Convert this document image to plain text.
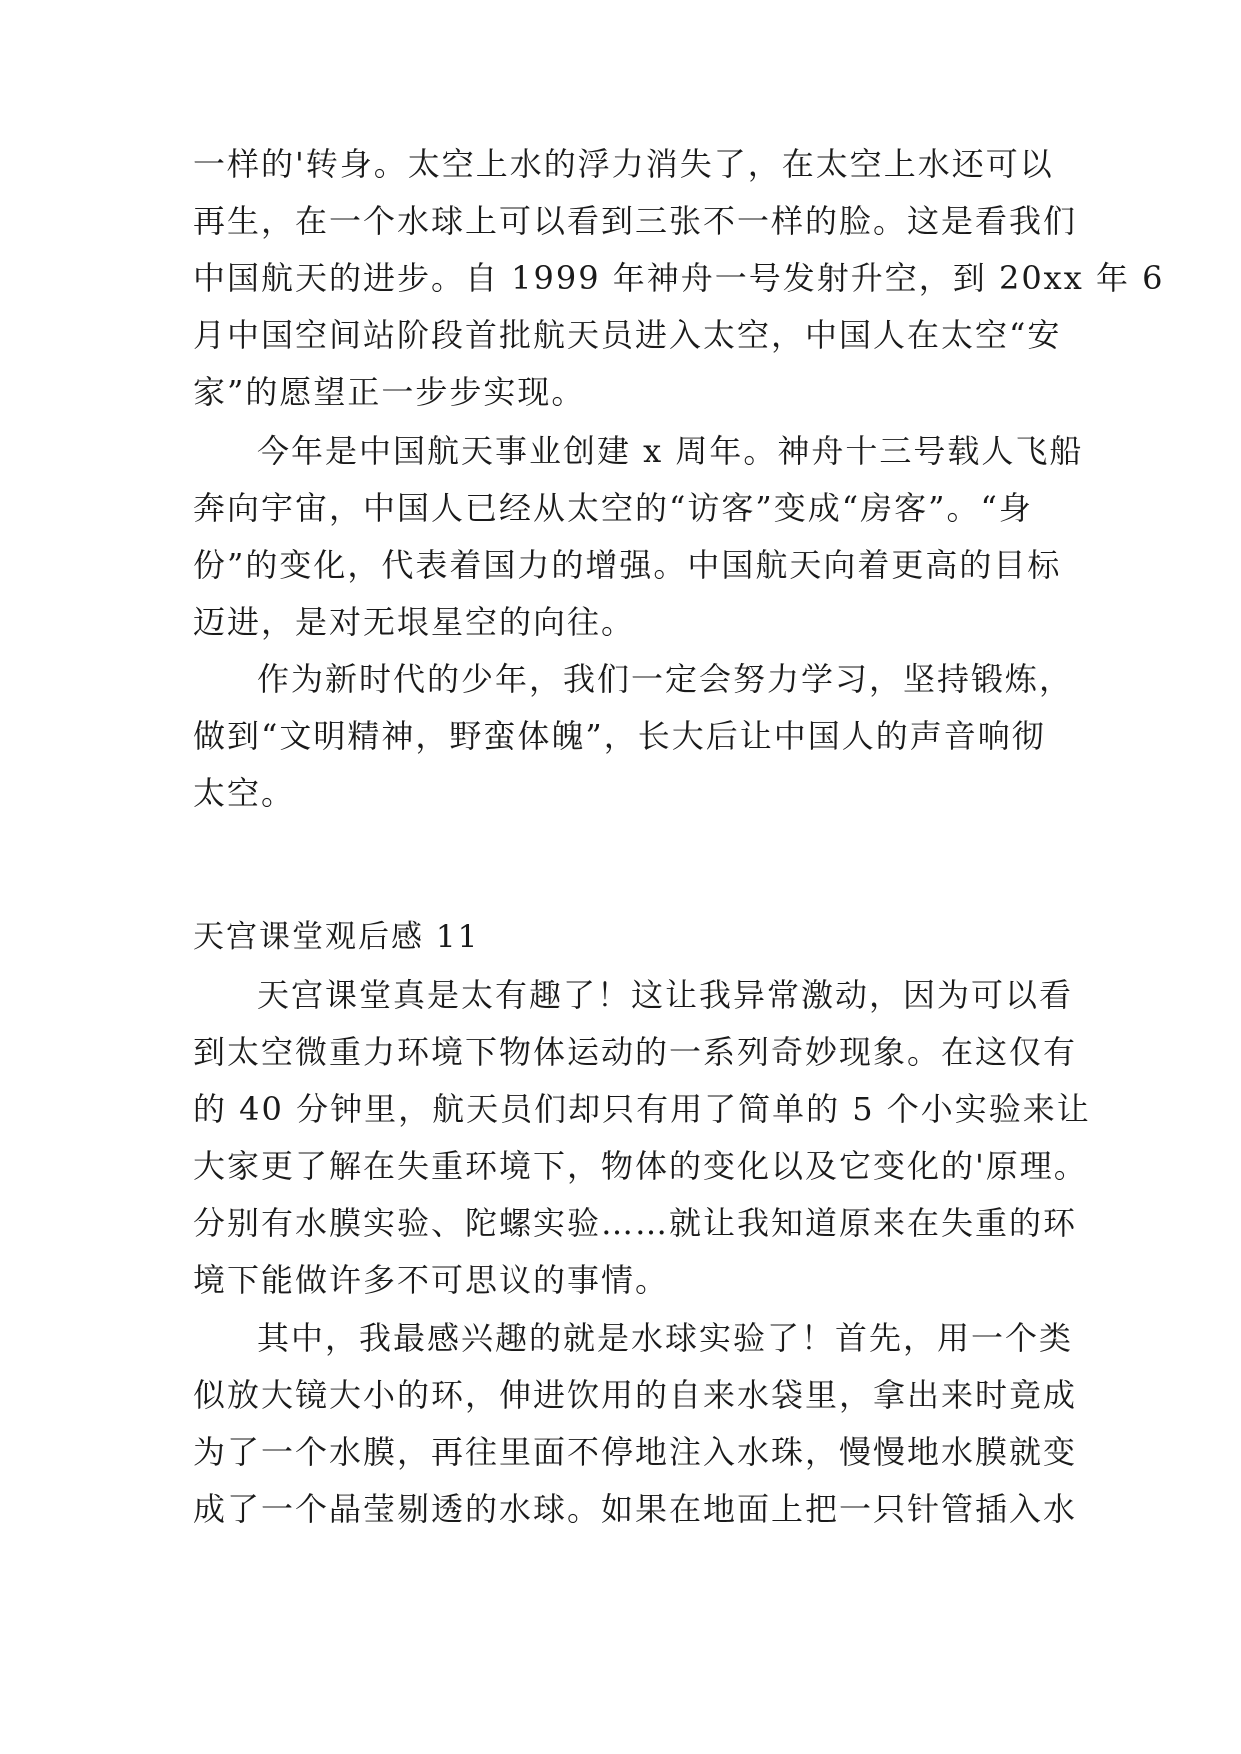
一样的'转身。太空上水的浮力消失了，在太空上水还可以
再生，在一个水球上可以看到三张不一样的脸。这是看我们
中国航天的进步。自 1999 年神舟一号发射升空，到 20xx 年 6
月中国空间站阶段首批航天员进入太空，中国人在太空“安
家”的愿望正一步步实现。
今年是中国航天事业创建 x 周年。神舟十三号载人飞船
奔向宇宙，中国人已经从太空的“访客”变成“房客”。“身
份”的变化，代表着国力的增强。中国航天向着更高的目标
迈进，是对无垠星空的向往。
作为新时代的少年，我们一定会努力学习，坚持锻炼，
做到“文明精神，野蛮体魄”，长大后让中国人的声音响彻
太空。
天宫课堂观后感 11
天宫课堂真是太有趣了！这让我异常激动，因为可以看
到太空微重力环境下物体运动的一系列奇妙现象。在这仅有
的 40 分钟里，航天员们却只有用了简单的 5 个小实验来让
大家更了解在失重环境下，物体的变化以及它变化的'原理。
分别有水膜实验、陀螺实验……就让我知道原来在失重的环
境下能做许多不可思议的事情。
其中，我最感兴趣的就是水球实验了！首先，用一个类
似放大镜大小的环，伸进饮用的自来水袋里，拿出来时竟成
为了一个水膜，再往里面不停地注入水珠，慢慢地水膜就变
成了一个晶莹剔透的水球。如果在地面上把一只针管插入水
